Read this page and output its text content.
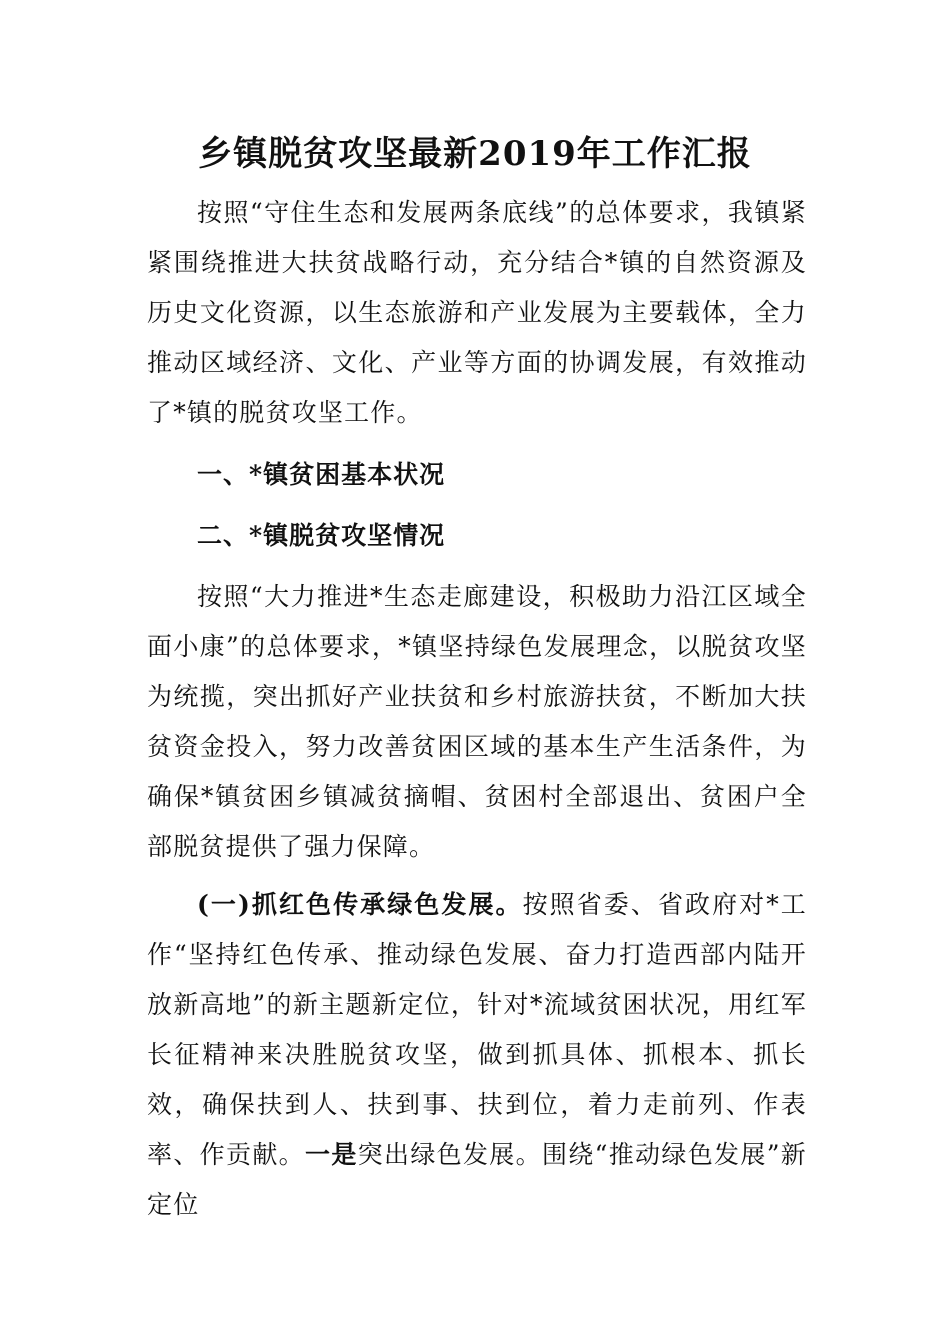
乡镇脱贫攻坚最新2019年工作汇报

按照“守住生态和发展两条底线”的总体要求，我镇紧紧围绕推进大扶贫战略行动，充分结合*镇的自然资源及历史文化资源，以生态旅游和产业发展为主要载体，全力推动区域经济、文化、产业等方面的协调发展，有效推动了*镇的脱贫攻坚工作。

一、*镇贫困基本状况
二、*镇脱贫攻坚情况

按照“大力推进*生态走廊建设，积极助力沿江区域全面小康”的总体要求，*镇坚持绿色发展理念，以脱贫攻坚为统揽，突出抓好产业扶贫和乡村旅游扶贫，不断加大扶贫资金投入，努力改善贫困区域的基本生产生活条件，为确保*镇贫困乡镇减贫摘帽、贫困村全部退出、贫困户全部脱贫提供了强力保障。

(一)抓红色传承绿色发展。按照省委、省政府对*工作“坚持红色传承、推动绿色发展、奋力打造西部内陆开放新高地”的新主题新定位，针对*流域贫困状况，用红军长征精神来决胜脱贫攻坚，做到抓具体、抓根本、抓长效，确保扶到人、扶到事、扶到位，着力走前列、作表率、作贡献。一是突出绿色发展。围绕“推动绿色发展”新定位
